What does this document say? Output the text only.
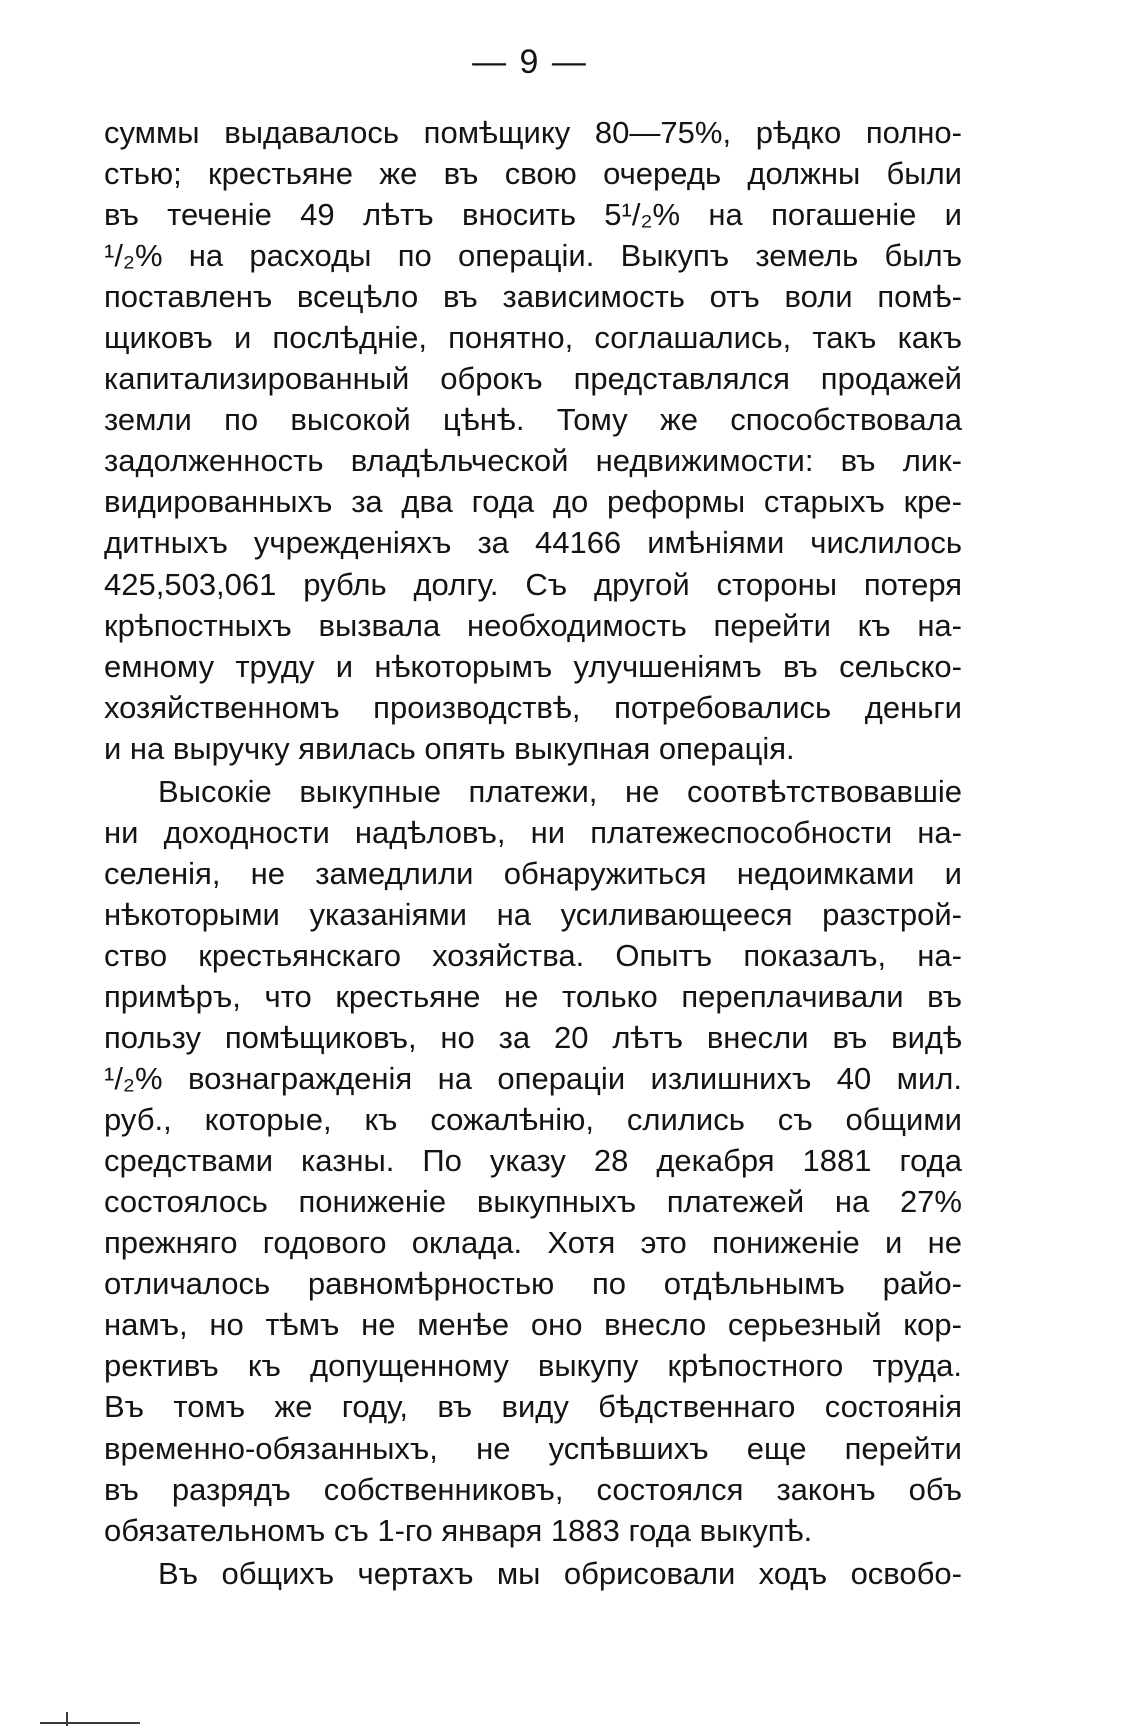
— 9 —
суммы выдавалось помѣщику 80—75%, рѣдко полно-
стью; крестьяне же въ свою очередь должны были
въ теченіе 49 лѣтъ вносить 5¹/₂% на погашеніе и
¹/₂% на расходы по операціи. Выкупъ земель былъ
поставленъ всецѣло въ зависимость отъ воли помѣ-
щиковъ и послѣдніе, понятно, соглашались, такъ какъ
капитализированный оброкъ представлялся продажей
земли по высокой цѣнѣ. Тому же способствовала
задолженность владѣльческой недвижимости: въ лик-
видированныхъ за два года до реформы старыхъ кре-
дитныхъ учрежденіяхъ за 44166 имѣніями числилось
425,503,061 рубль долгу. Съ другой стороны потеря
крѣпостныхъ вызвала необходимость перейти къ на-
емному труду и нѣкоторымъ улучшеніямъ въ сельско-
хозяйственномъ производствѣ, потребовались деньги
и на выручку явилась опять выкупная операція.
Высокіе выкупные платежи, не соотвѣтствовавшіе
ни доходности надѣловъ, ни платежеспособности на-
селенія, не замедлили обнаружиться недоимками и
нѣкоторыми указаніями на усиливающееся разстрой-
ство крестьянскаго хозяйства. Опытъ показалъ, на-
примѣръ, что крестьяне не только переплачивали въ
пользу помѣщиковъ, но за 20 лѣтъ внесли въ видѣ
¹/₂% вознагражденія на операціи излишнихъ 40 мил.
руб., которые, къ сожалѣнію, слились съ общими
средствами казны. По указу 28 декабря 1881 года
состоялось пониженіе выкупныхъ платежей на 27%
прежняго годового оклада. Хотя это пониженіе и не
отличалось равномѣрностью по отдѣльнымъ райо-
намъ, но тѣмъ не менѣе оно внесло серьезный кор-
рективъ къ допущенному выкупу крѣпостного труда.
Въ томъ же году, въ виду бѣдственнаго состоянія
временно-обязанныхъ, не успѣвшихъ еще перейти
въ разрядъ собственниковъ, состоялся законъ объ
обязательномъ съ 1-го января 1883 года выкупѣ.
Въ общихъ чертахъ мы обрисовали ходъ освобо-
